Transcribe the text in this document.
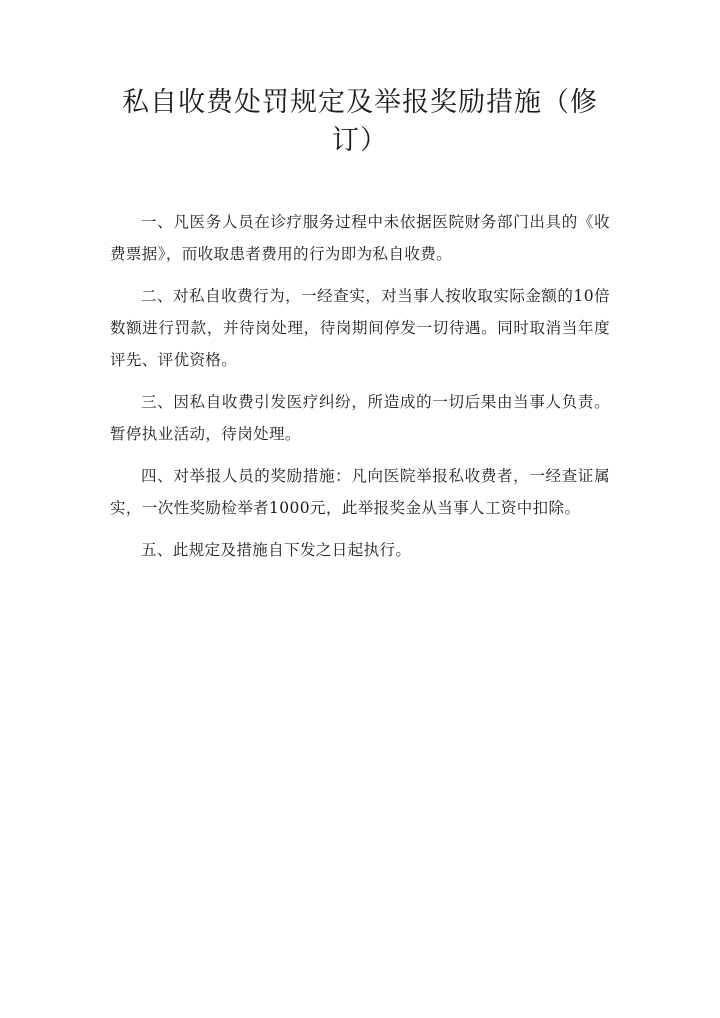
私自收费处罚规定及举报奖励措施（修订）

一、凡医务人员在诊疗服务过程中未依据医院财务部门出具的《收费票据》，而收取患者费用的行为即为私自收费。

二、对私自收费行为，一经查实，对当事人按收取实际金额的10倍数额进行罚款，并待岗处理，待岗期间停发一切待遇。同时取消当年度评先、评优资格。

三、因私自收费引发医疗纠纷，所造成的一切后果由当事人负责。暂停执业活动，待岗处理。

四、对举报人员的奖励措施：凡向医院举报私收费者，一经查证属实，一次性奖励检举者1000元，此举报奖金从当事人工资中扣除。

五、此规定及措施自下发之日起执行。
